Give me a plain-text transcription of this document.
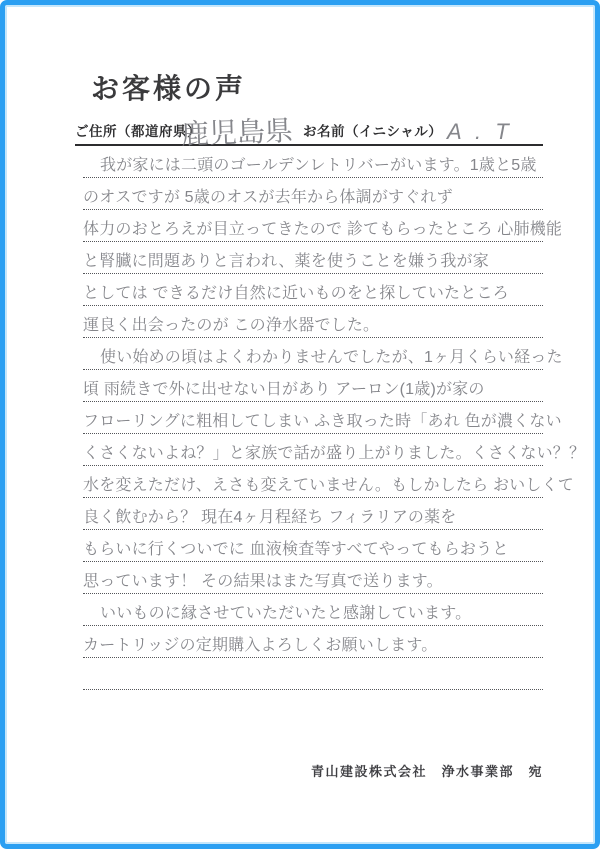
お客様の声
ご住所（都道府県）
鹿児島県 お名前（イニシャル） A . T
我が家には二頭のゴールデンレトリバーがいます。1歳と5歳
のオスですが 5歳のオスが去年から体調がすぐれず
体力のおとろえが目立ってきたので 診てもらったところ 心肺機能
と腎臓に問題ありと言われ、薬を使うことを嫌う我が家
としては できるだけ自然に近いものをと探していたところ
運良く出会ったのが この浄水器でした。
使い始めの頃はよくわかりませんでしたが、1ヶ月くらい経った
頃 雨続きで外に出せない日があり アーロン(1歳)が家の
フローリングに粗相してしまい ふき取った時「あれ 色が濃くない
くさくないよね？」と家族で話が盛り上がりました。くさくない？？
水を変えただけ、えさも変えていません。もしかしたら おいしくて
良く飲むから？ 現在4ヶ月程経ち フィラリアの薬を
もらいに行くついでに 血液検査等すべてやってもらおうと
思っています！ その結果はまた写真で送ります。
いいものに縁させていただいたと感謝しています。
カートリッジの定期購入よろしくお願いします。
青山建設株式会社　浄水事業部　宛
